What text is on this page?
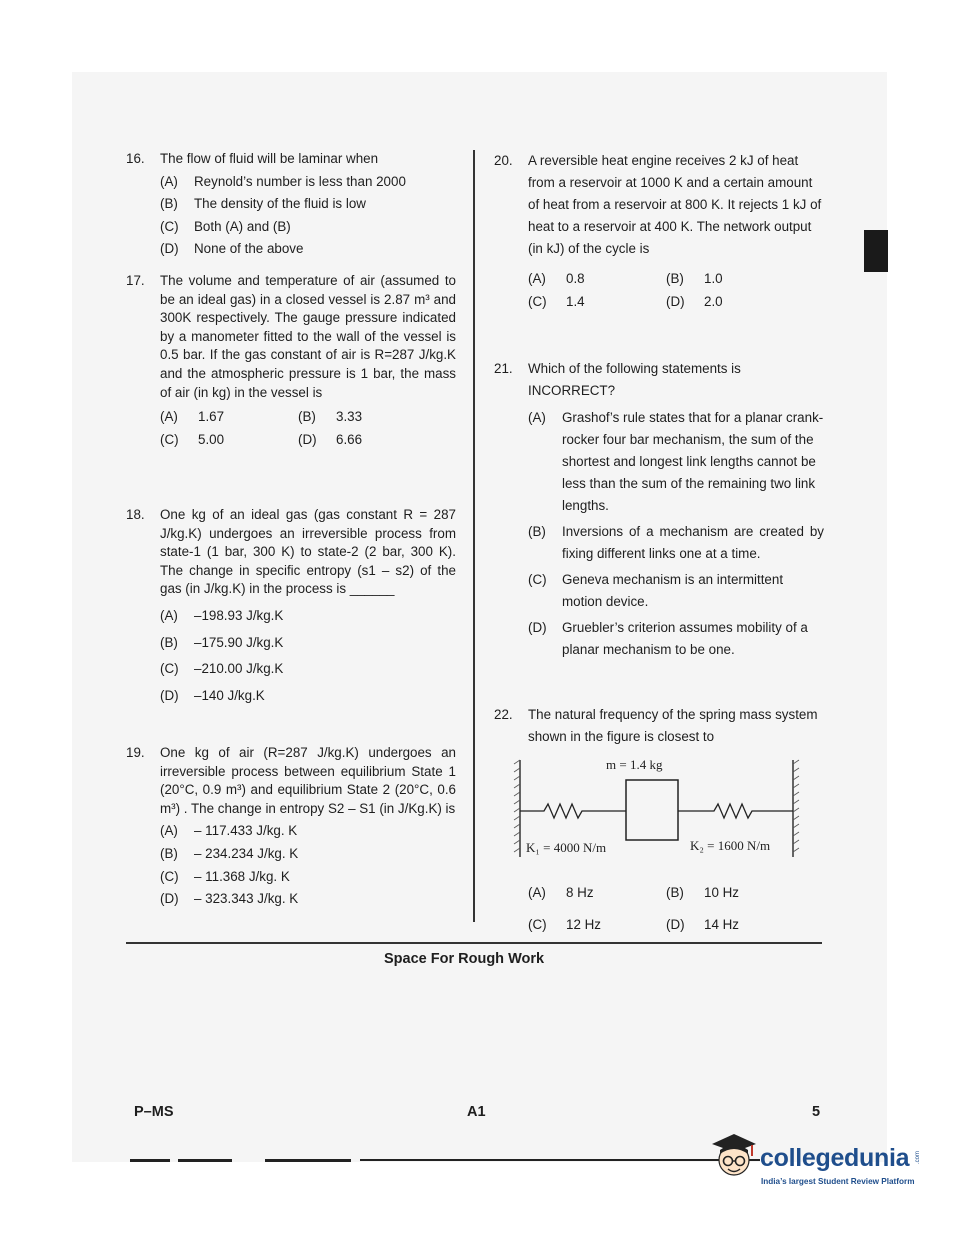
16.	The flow of fluid will be laminar when
(A)	Reynold’s number is less than 2000
(B)	The density of the fluid is low
(C)	Both (A) and (B)
(D)	None of the above
17.	The volume and temperature of air (assumed to be an ideal gas) in a closed vessel is 2.87 m³ and 300K respectively. The gauge pressure indicated by a manometer fitted to the wall of the vessel is 0.5 bar. If the gas constant of air is R=287 J/kg.K and the atmospheric pressure is 1 bar, the mass of air (in kg) in the vessel is
(A)	1.67	(B)	3.33
(C)	5.00	(D)	6.66
18.	One kg of an ideal gas (gas constant R = 287 J/kg.K) undergoes an irreversible process from state-1 (1 bar, 300 K) to state-2 (2 bar, 300 K). The change in specific entropy (s1 – s2) of the gas (in J/kg.K) in the process is ______
(A)	–198.93 J/kg.K
(B)	–175.90 J/kg.K
(C)	–210.00 J/kg.K
(D)	–140 J/kg.K
19.	One kg of air (R=287 J/kg.K) undergoes an irreversible process between equilibrium State 1 (20°C, 0.9 m³) and equilibrium State 2 (20°C, 0.6 m³) . The change in entropy S2 – S1 (in J/Kg.K) is
(A)	– 117.433 J/kg. K
(B)	– 234.234 J/kg. K
(C)	– 11.368 J/kg. K
(D)	– 323.343 J/kg. K
20.	A reversible heat engine receives 2 kJ of heat from a reservoir at 1000 K and a certain amount of heat from a reservoir at 800 K. It rejects 1 kJ of heat to a reservoir at 400 K. The network output (in kJ) of the cycle is
(A)	0.8	(B)	1.0
(C)	1.4	(D)	2.0
21.	Which of the following statements is INCORRECT?
(A)	Grashof’s rule states that for a planar crank-rocker four bar mechanism, the sum of the shortest and longest link lengths cannot be less than the sum of the remaining two link lengths.
(B)	Inversions of a mechanism are created by fixing different links one at a time.
(C)	Geneva mechanism is an intermittent motion device.
(D)	Gruebler’s criterion assumes mobility of a planar mechanism to be one.
22.	The natural frequency of the spring mass system shown in the figure is closest to
m = 1.4 kg
K₁ = 4000 N/m	K₂ = 1600 N/m
(A)	8 Hz	(B)	10 Hz
(C)	12 Hz	(D)	14 Hz
Space For Rough Work
P–MS	A1	5
collegedunia .com
India’s largest Student Review Platform
